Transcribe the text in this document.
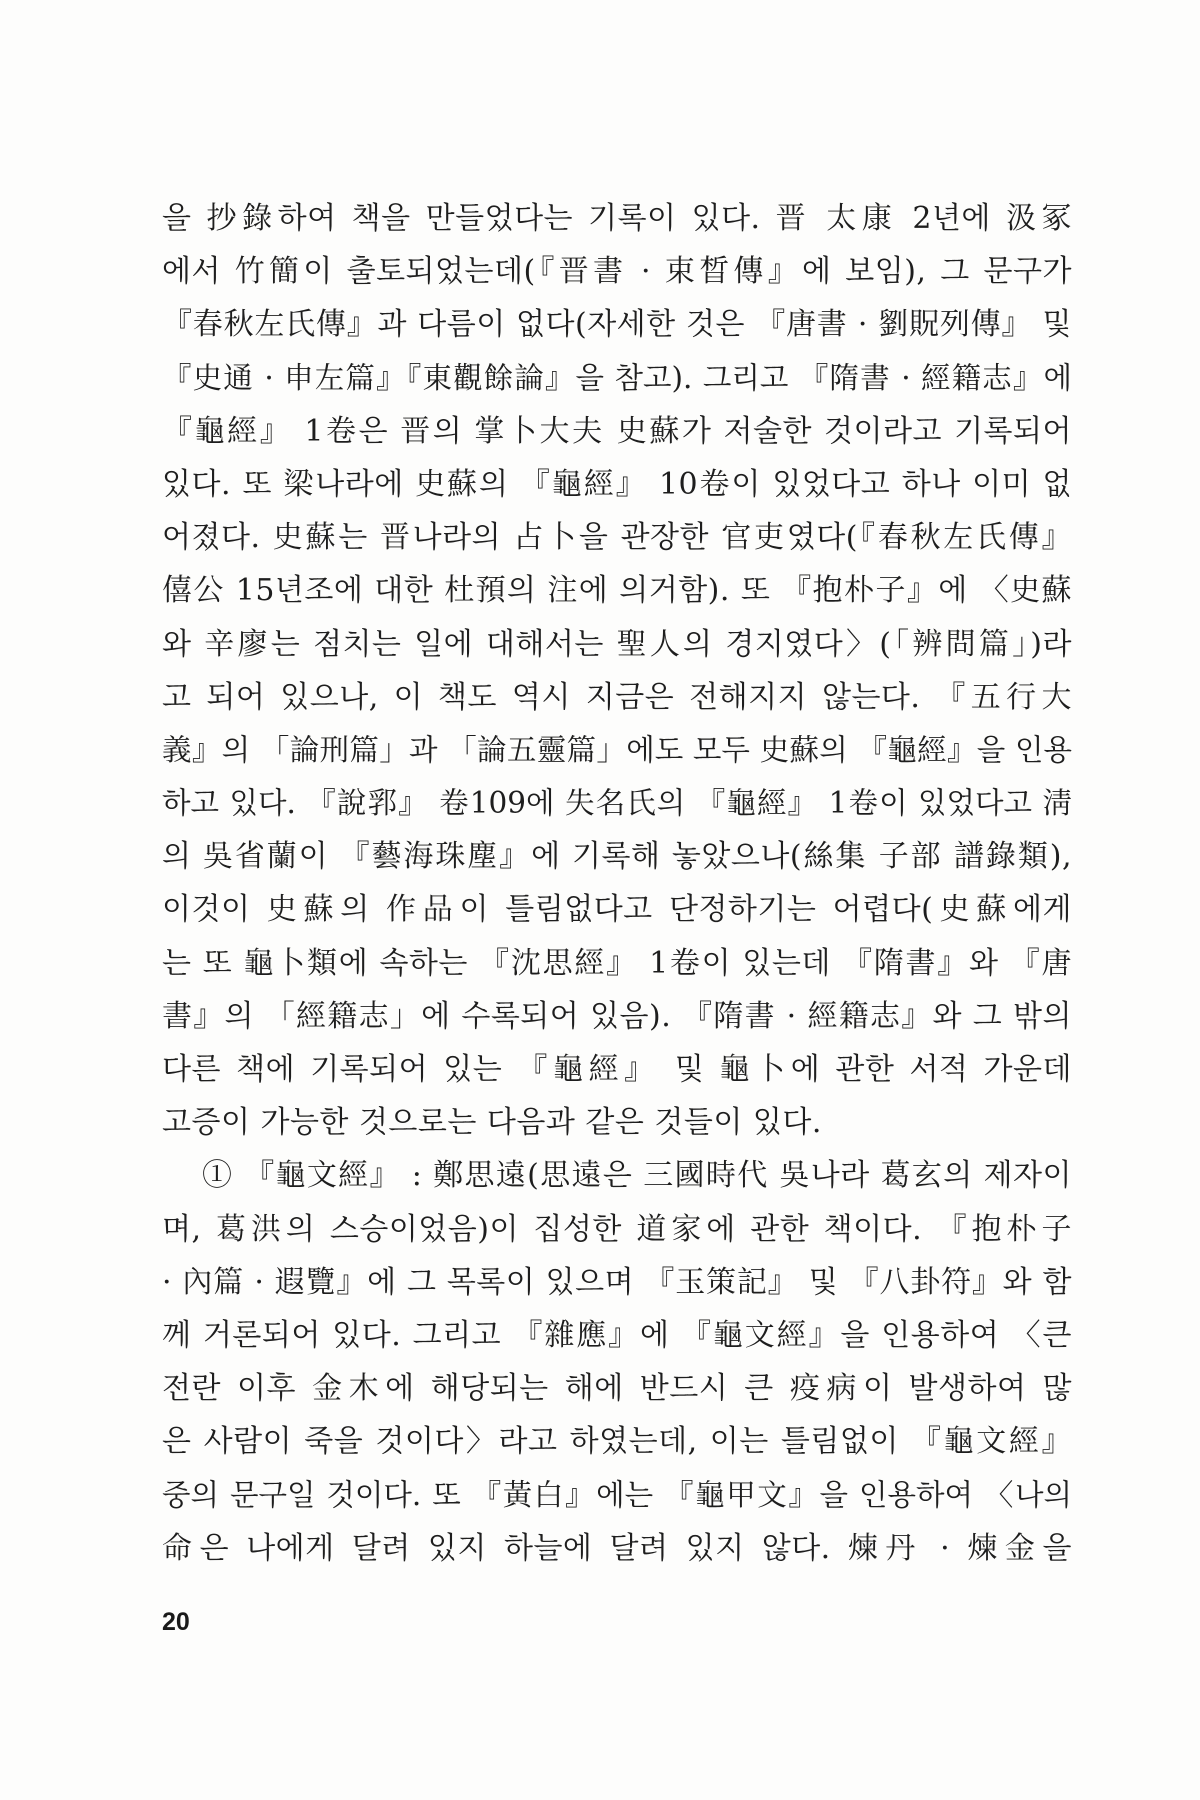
을 抄錄하여 책을 만들었다는 기록이 있다. 晋 太康 2년에 汲冢
에서 竹簡이 출토되었는데(『晋書 · 束晳傳』에 보임), 그 문구가
『春秋左氏傳』과 다름이 없다(자세한 것은 『唐書 · 劉貺列傳』 및
『史通 · 申左篇』『東觀餘論』을 참고). 그리고 『隋書 · 經籍志』에
『龜經』 1卷은 晋의 掌卜大夫 史蘇가 저술한 것이라고 기록되어
있다. 또 梁나라에 史蘇의 『龜經』 10卷이 있었다고 하나 이미 없
어졌다. 史蘇는 晋나라의 占卜을 관장한 官吏였다(『春秋左氏傳』
僖公 15년조에 대한 杜預의 注에 의거함). 또 『抱朴子』에 〈史蘇
와 辛廖는 점치는 일에 대해서는 聖人의 경지였다〉(「辨問篇」)라
고 되어 있으나, 이 책도 역시 지금은 전해지지 않는다. 『五行大
義』의 「論刑篇」과 「論五靈篇」에도 모두 史蘇의 『龜經』을 인용
하고 있다. 『說郛』 卷109에 失名氏의 『龜經』 1卷이 있었다고 淸
의 吳省蘭이 『藝海珠塵』에 기록해 놓았으나(絲集 子部 譜錄類),
이것이 史蘇의 作品이 틀림없다고 단정하기는 어렵다(史蘇에게
는 또 龜卜類에 속하는 『沈思經』 1卷이 있는데 『隋書』와 『唐
書』의 「經籍志」에 수록되어 있음). 『隋書 · 經籍志』와 그 밖의
다른 책에 기록되어 있는 『龜經』 및 龜卜에 관한 서적 가운데
고증이 가능한 것으로는 다음과 같은 것들이 있다.
① 『龜文經』 : 鄭思遠(思遠은 三國時代 吳나라 葛玄의 제자이
며, 葛洪의 스승이었음)이 집성한 道家에 관한 책이다. 『抱朴子
· 內篇 · 遐覽』에 그 목록이 있으며 『玉策記』 및 『八卦符』와 함
께 거론되어 있다. 그리고 『雜應』에 『龜文經』을 인용하여 〈큰
전란 이후 金木에 해당되는 해에 반드시 큰 疫病이 발생하여 많
은 사람이 죽을 것이다〉라고 하였는데, 이는 틀림없이 『龜文經』
중의 문구일 것이다. 또 『黃白』에는 『龜甲文』을 인용하여 〈나의
命은 나에게 달려 있지 하늘에 달려 있지 않다. 煉丹 · 煉金을
20
